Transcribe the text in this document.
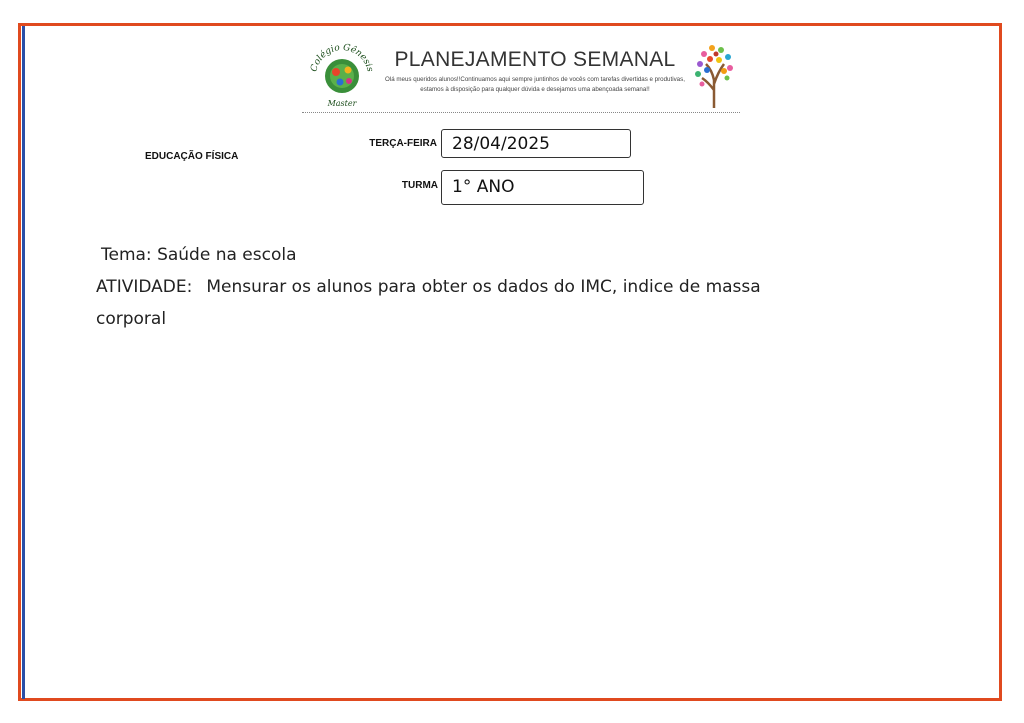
Colégio Gênesis
Master
PLANEJAMENTO SEMANAL
Olá meus queridos alunos!!Continuamos aqui sempre juntinhos de vocês com tarefas divertidas e produtivas, estamos à disposição para qualquer dúvida e desejamos uma abençoada semana!!
EDUCAÇÃO FÍSICA
TERÇA-FEIRA 28/04/2025
TURMA 1° ANO
Tema: Saúde na escola
ATIVIDADE: Mensurar os alunos para obter os dados do IMC, indice de massa
corporal
